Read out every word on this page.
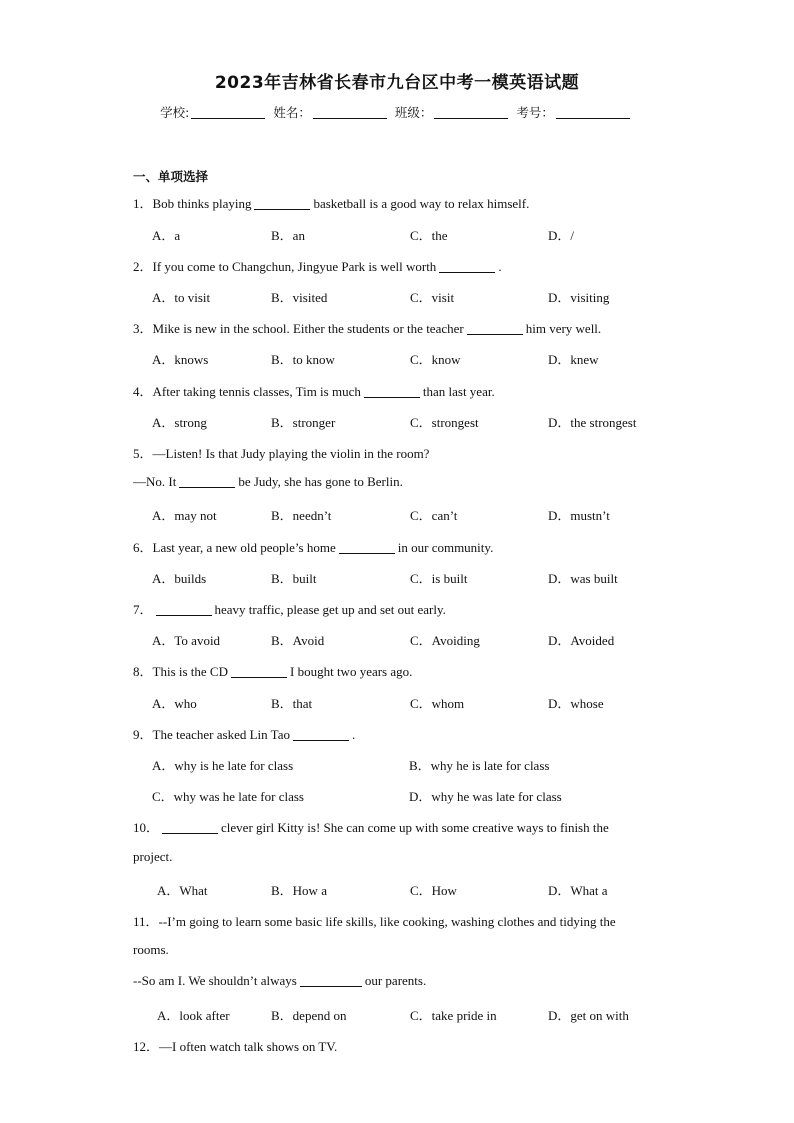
2023年吉林省长春市九台区中考一模英语试题
学校:	姓名：	班级：	考号：
一、单项选择
1．Bob thinks playing	basketball is a good way to relax himself.
A．a	B．an	C．the	D．/
2．If you come to Changchun, Jingyue Park is well worth	.
A．to visit	B．visited	C．visit	D．visiting
3．Mike is new in the school. Either the students or the teacher	him very well.
A．knows	B．to know	C．know	D．knew
4．After taking tennis classes, Tim is much	than last year.
A．strong	B．stronger	C．strongest	D．the strongest
5．—Listen! Is that Judy playing the violin in the room?
—No. It	be Judy, she has gone to Berlin.
A．may not	B．needn’t	C．can’t	D．mustn’t
6．Last year, a new old people’s home	in our community.
A．builds	B．built	C．is built	D．was built
7．	heavy traffic, please get up and set out early.
A．To avoid	B．Avoid	C．Avoiding	D．Avoided
8．This is the CD	I bought two years ago.
A．who	B．that	C．whom	D．whose
9．The teacher asked Lin Tao	.
A．why is he late for class	B．why he is late for class
C．why was he late for class	D．why he was late for class
10．	clever girl Kitty is! She can come up with some creative ways to finish the
project.
A．What	B．How a	C．How	D．What a
11．--I’m going to learn some basic life skills, like cooking, washing clothes and tidying the
rooms.
--So am I. We shouldn’t always	our parents.
A．look after	B．depend on	C．take pride in	D．get on with
12．—I often watch talk shows on TV.
